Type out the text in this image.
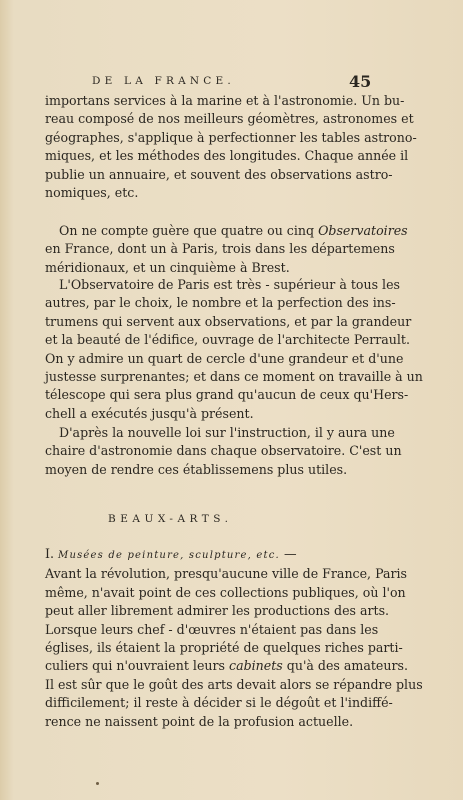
DE LA FRANCE.	45
importans services à la marine et à l'astronomie. Un bu-
reau composé de nos meilleurs géomètres, astronomes et
géographes, s'applique à perfectionner les tables astrono-
miques, et les méthodes des longitudes. Chaque année il
publie un annuaire, et souvent des observations astro-
nomiques, etc.
On ne compte guère que quatre ou cinq Observatoires
en France, dont un à Paris, trois dans les départemens
méridionaux, et un cinquième à Brest.
L'Observatoire de Paris est très - supérieur à tous les
autres, par le choix, le nombre et la perfection des ins-
trumens qui servent aux observations, et par la grandeur
et la beauté de l'édifice, ouvrage de l'architecte Perrault.
On y admire un quart de cercle d'une grandeur et d'une
justesse surprenantes; et dans ce moment on travaille à un
télescope qui sera plus grand qu'aucun de ceux qu'Hers-
chell a exécutés jusqu'à présent.
D'après la nouvelle loi sur l'instruction, il y aura une
chaire d'astronomie dans chaque observatoire. C'est un
moyen de rendre ces établissemens plus utiles.
BEAUX-ARTS.
I. Musées de peinture, sculpture, etc. —
Avant la révolution, presqu'aucune ville de France, Paris
même, n'avait point de ces collections publiques, où l'on
peut aller librement admirer les productions des arts.
Lorsque leurs chef - d'œuvres n'étaient pas dans les
églises, ils étaient la propriété de quelques riches parti-
culiers qui n'ouvraient leurs cabinets qu'à des amateurs.
Il est sûr que le goût des arts devait alors se répandre plus
difficilement; il reste à décider si le dégoût et l'indiffé-
rence ne naissent point de la profusion actuelle.
